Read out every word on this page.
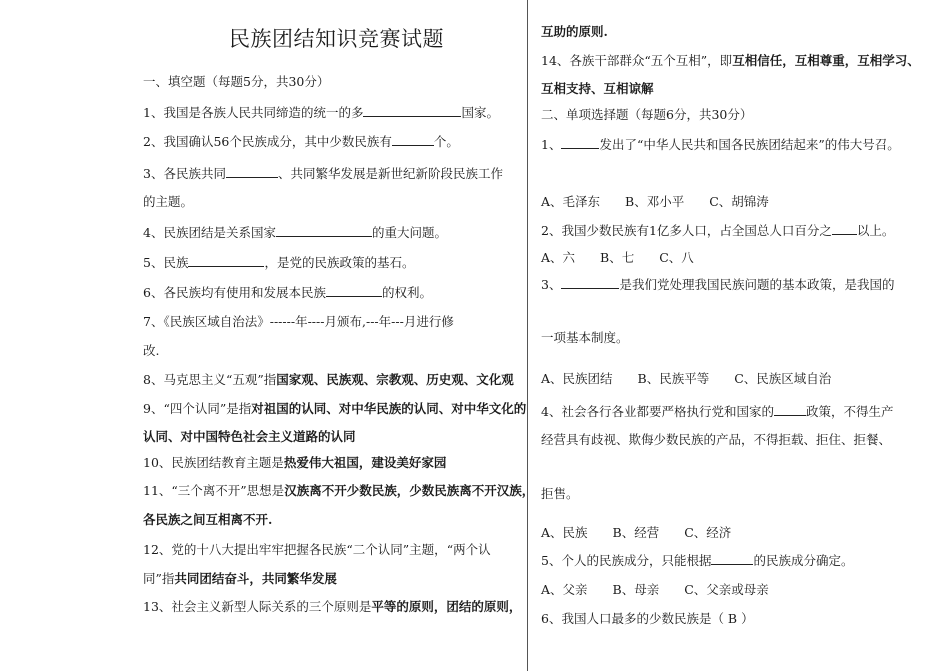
民族团结知识竞赛试题
一、填空题（每题5分，共30分）
1、我国是各族人民共同缔造的统一的多	国家。
2、我国确认56个民族成分，其中少数民族有	个。
3、各民族共同	、共同繁华发展是新世纪新阶段民族工作
的主题。
4、民族团结是关系国家	的重大问题。
5、民族	，是党的民族政策的基石。
6、各民族均有使用和发展本民族	的权利。
7、《民族区域自治法》------年----月颁布,---年---月进行修
改.
8、马克思主义“五观”指国家观、民族观、宗教观、历史观、文化观
9、“四个认同”是指对祖国的认同、对中华民族的认同、对中华文化的
认同、对中国特色社会主义道路的认同
10、民族团结教育主题是热爱伟大祖国，建设美好家园
11、“三个离不开”思想是汉族离不开少数民族，少数民族离不开汉族，
各民族之间互相离不开.
12、党的十八大提出牢牢把握各民族“二个认同”主题，“两个认
同”指共同团结奋斗，共同繁华发展
13、社会主义新型人际关系的三个原则是平等的原则，团结的原则，
互助的原则.
14、各族干部群众“五个互相”，即互相信任，互相尊重，互相学习、
互相支持、互相谅解
二、单项选择题（每题6分，共30分）
1、	发出了“中华人民共和国各民族团结起来”的伟大号召。
A、毛泽东　　B、邓小平　　C、胡锦涛
2、我国少数民族有1亿多人口，占全国总人口百分之 以上。
A、六　　B、七　　C、八
3、	是我们党处理我国民族问题的基本政策，是我国的
一项基本制度。
A、民族团结　　B、民族平等　　C、民族区域自治
4、社会各行各业都要严格执行党和国家的	政策，不得生产
经营具有歧视、欺侮少数民族的产品，不得拒载、拒住、拒餐、
拒售。
A、民族　　B、经营　　C、经济
5、个人的民族成分，只能根据	的民族成分确定。
A、父亲　　B、母亲　　C、父亲或母亲
6、我国人口最多的少数民族是（ B ）
